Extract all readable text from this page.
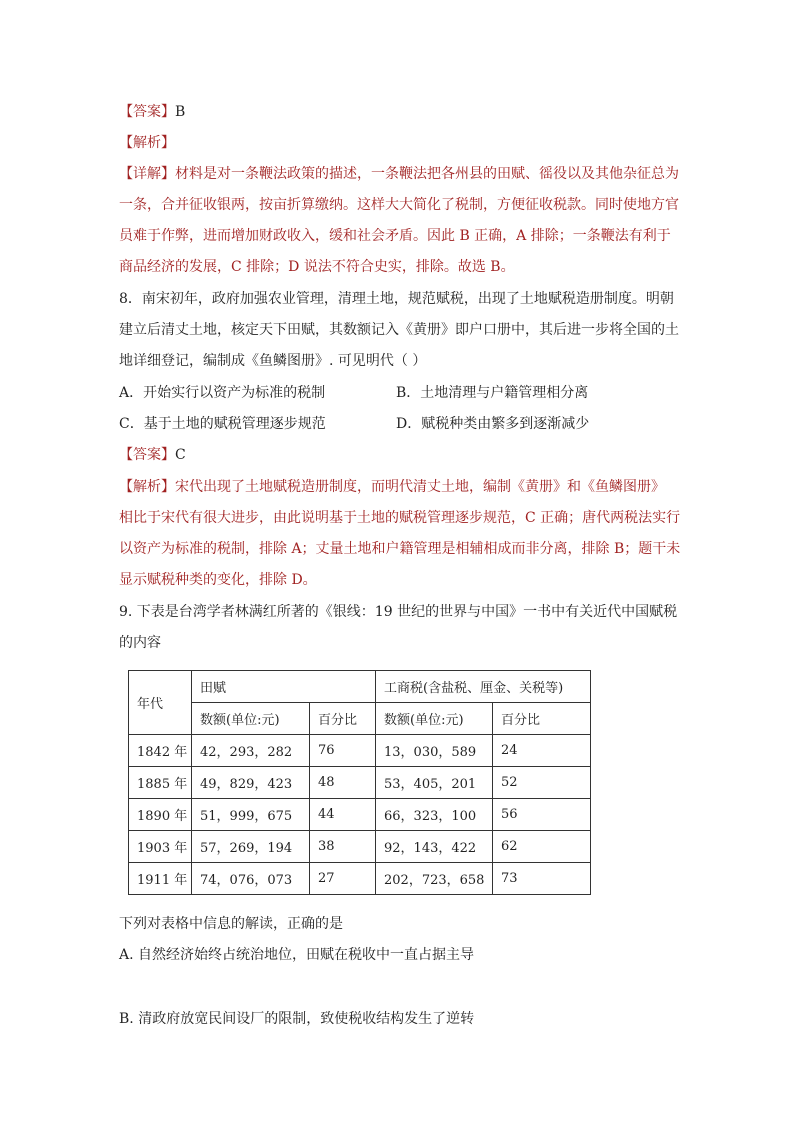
【答案】B
【解析】
【详解】材料是对一条鞭法政策的描述，一条鞭法把各州县的田赋、徭役以及其他杂征总为
一条，合并征收银两，按亩折算缴纳。这样大大简化了税制，方便征收税款。同时使地方官
员难于作弊，进而增加财政收入，缓和社会矛盾。因此 B 正确，A 排除；一条鞭法有利于
商品经济的发展，C 排除；D 说法不符合史实，排除。故选 B。
8．南宋初年，政府加强农业管理，清理土地，规范赋税，出现了土地赋税造册制度。明朝
建立后清丈土地，核定天下田赋，其数额记入《黄册》即户口册中，其后进一步将全国的土
地详细登记，编制成《鱼鳞图册》. 可见明代（ ）
A．开始实行以资产为标准的税制	B．土地清理与户籍管理相分离
C．基于土地的赋税管理逐步规范	D．赋税种类由繁多到逐渐减少
【答案】C
【解析】宋代出现了土地赋税造册制度，而明代清丈土地，编制《黄册》和《鱼鳞图册》
相比于宋代有很大进步，由此说明基于土地的赋税管理逐步规范，C 正确；唐代两税法实行
以资产为标准的税制，排除 A；丈量土地和户籍管理是相辅相成而非分离，排除 B；题干未
显示赋税种类的变化，排除 D。
9. 下表是台湾学者林满红所著的《银线：19 世纪的世界与中国》一书中有关近代中国赋税
的内容
年代	田赋		工商税(含盐税、厘金、关税等)	
	数额(单位:元)	百分比	数额(单位:元)	百分比
1842 年	42，293，282	76	13，030，589	24
1885 年	49，829，423	48	53，405，201	52
1890 年	51，999，675	44	66，323，100	56
1903 年	57，269，194	38	92，143，422	62
1911 年	74，076，073	27	202，723，658	73
下列对表格中信息的解读，正确的是
A. 自然经济始终占统治地位，田赋在税收中一直占据主导
B. 清政府放宽民间设厂的限制，致使税收结构发生了逆转
